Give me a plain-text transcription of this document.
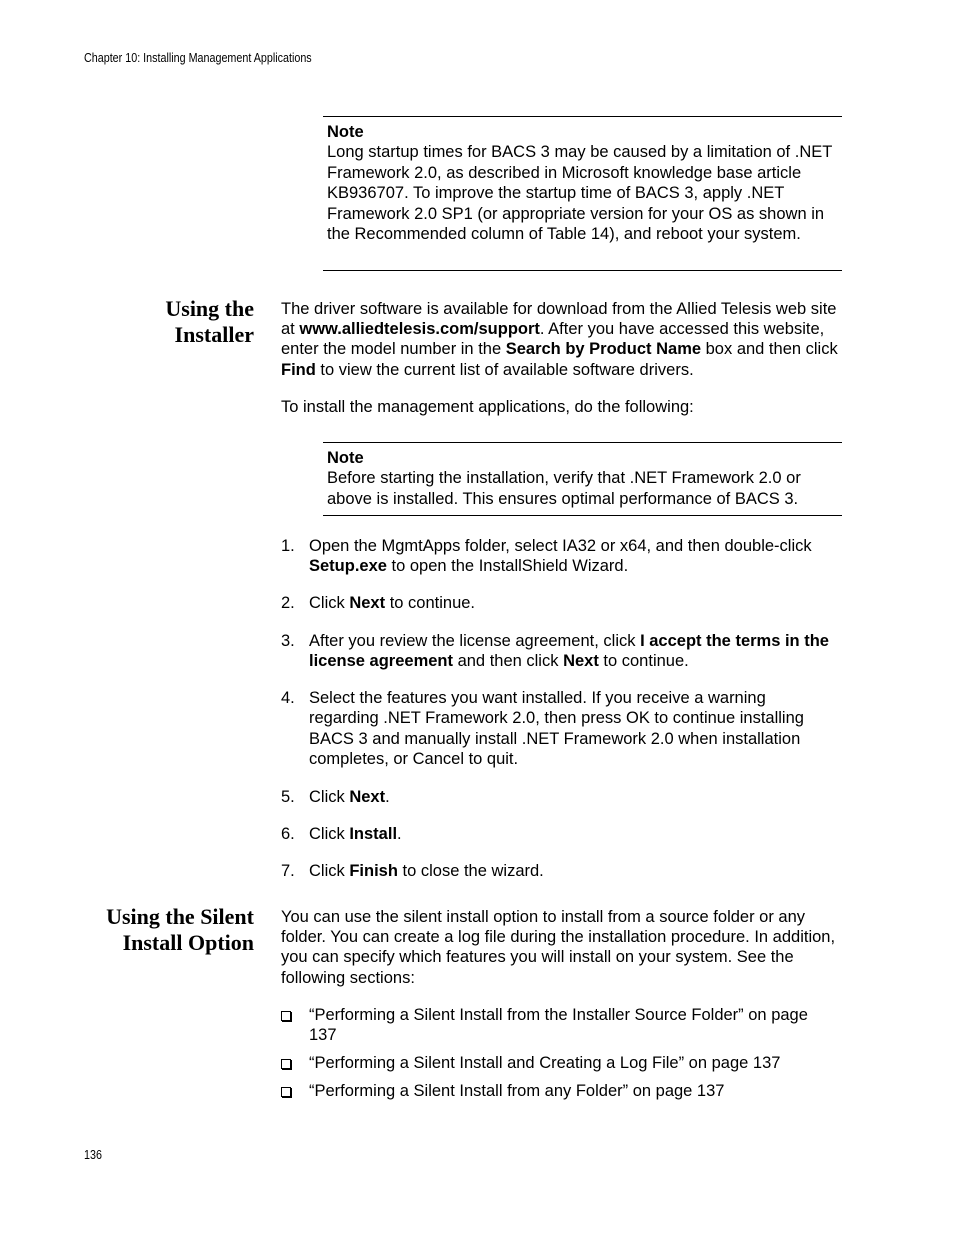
Chapter 10: Installing Management Applications
Note
Long startup times for BACS 3 may be caused by a limitation of .NET Framework 2.0, as described in Microsoft knowledge base article KB936707. To improve the startup time of BACS 3, apply .NET Framework 2.0 SP1 (or appropriate version for your OS as shown in the Recommended column of Table 14), and reboot your system.
Using the
Installer
The driver software is available for download from the Allied Telesis web site at www.alliedtelesis.com/support. After you have accessed this website, enter the model number in the Search by Product Name box and then click Find to view the current list of available software drivers.
To install the management applications, do the following:
Note
Before starting the installation, verify that .NET Framework 2.0 or above is installed. This ensures optimal performance of BACS 3.
1. Open the MgmtApps folder, select IA32 or x64, and then double-click Setup.exe to open the InstallShield Wizard.
2. Click Next to continue.
3. After you review the license agreement, click I accept the terms in the license agreement and then click Next to continue.
4. Select the features you want installed. If you receive a warning regarding .NET Framework 2.0, then press OK to continue installing BACS 3 and manually install .NET Framework 2.0 when installation completes, or Cancel to quit.
5. Click Next.
6. Click Install.
7. Click Finish to close the wizard.
Using the Silent
Install Option
You can use the silent install option to install from a source folder or any folder. You can create a log file during the installation procedure. In addition, you can specify which features you will install on your system. See the following sections:
“Performing a Silent Install from the Installer Source Folder” on page 137
“Performing a Silent Install and Creating a Log File” on page 137
“Performing a Silent Install from any Folder” on page 137
136
